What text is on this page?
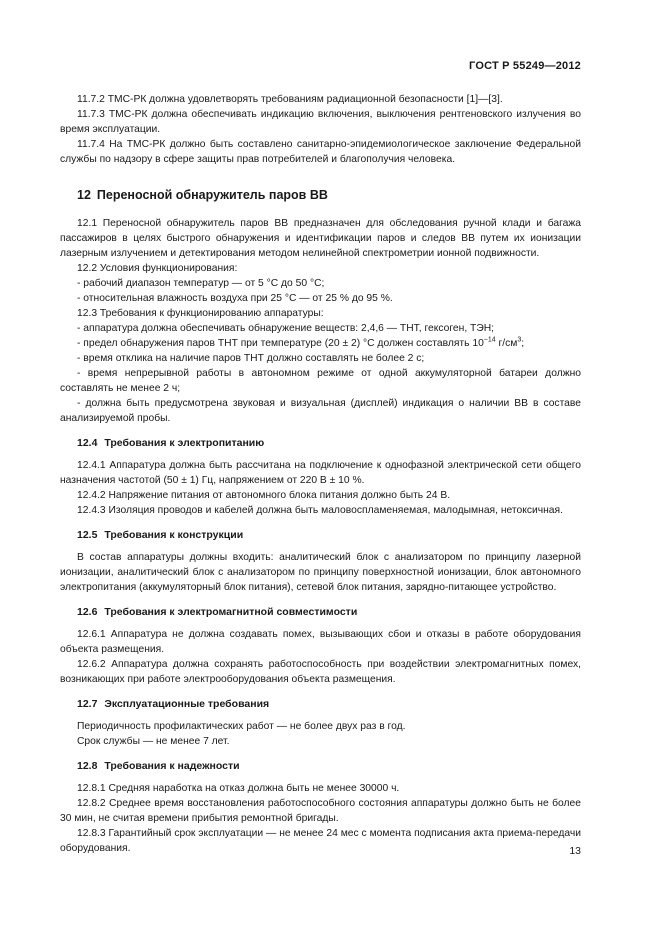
ГОСТ Р 55249—2012

11.7.2 ТМС-РК должна удовлетворять требованиям радиационной безопасности [1]—[3].

11.7.3 ТМС-РК должна обеспечивать индикацию включения, выключения рентгеновского излучения во время эксплуатации.

11.7.4 На ТМС-РК должно быть составлено санитарно-эпидемиологическое заключение Федеральной службы по надзору в сфере защиты прав потребителей и благополучия человека.

12 Переносной обнаружитель паров ВВ

12.1 Переносной обнаружитель паров ВВ предназначен для обследования ручной клади и багажа пассажиров в целях быстрого обнаружения и идентификации паров и следов ВВ путем их ионизации лазерным излучением и детектирования методом нелинейной спектрометрии ионной подвижности.

12.2 Условия функционирования:

- рабочий диапазон температур — от 5 °С до 50 °С;

- относительная влажность воздуха при 25 °С — от 25 % до 95 %.

12.3 Требования к функционированию аппаратуры:

- аппаратура должна обеспечивать обнаружение веществ: 2,4,6 — ТНТ, гексоген, ТЭН;

- предел обнаружения паров ТНТ при температуре (20 ± 2) °С должен составлять $10^{-14}$ $г/см^3$;

- время отклика на наличие паров ТНТ должно составлять не более 2 с;

- время непрерывной работы в автономном режиме от одной аккумуляторной батареи должно составлять не менее 2 ч;

- должна быть предусмотрена звуковая и визуальная (дисплей) индикация о наличии ВВ в составе анализируемой пробы.

12.4 Требования к электропитанию

12.4.1 Аппаратура должна быть рассчитана на подключение к однофазной электрической сети общего назначения частотой (50 ± 1) Гц, напряжением от 220 В ± 10 %.

12.4.2 Напряжение питания от автономного блока питания должно быть 24 В.

12.4.3 Изоляция проводов и кабелей должна быть маловоспламеняемая, малодымная, нетоксичная.

12.5 Требования к конструкции

В состав аппаратуры должны входить: аналитический блок с анализатором по принципу лазерной ионизации, аналитический блок с анализатором по принципу поверхностной ионизации, блок автономного электропитания (аккумуляторный блок питания), сетевой блок питания, зарядно-питающее устройство.

12.6 Требования к электромагнитной совместимости

12.6.1 Аппаратура не должна создавать помех, вызывающих сбои и отказы в работе оборудования объекта размещения.

12.6.2 Аппаратура должна сохранять работоспособность при воздействии электромагнитных помех, возникающих при работе электрооборудования объекта размещения.

12.7 Эксплуатационные требования

Периодичность профилактических работ — не более двух раз в год.

Срок службы — не менее 7 лет.

12.8 Требования к надежности

12.8.1 Средняя наработка на отказ должна быть не менее 30000 ч.

12.8.2 Среднее время восстановления работоспособного состояния аппаратуры должно быть не более 30 мин, не считая времени прибытия ремонтной бригады.

12.8.3 Гарантийный срок эксплуатации — не менее 24 мес с момента подписания акта приема-передачи оборудования.	13
